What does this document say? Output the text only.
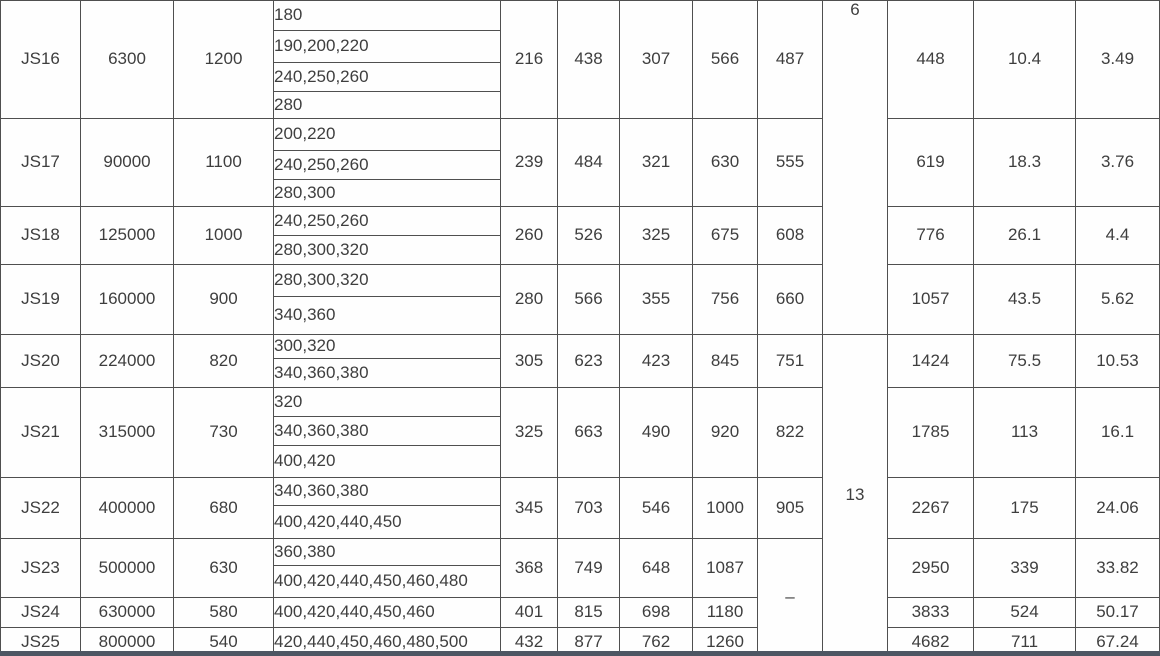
JS16	6300	1200	180	216	438	307	566	487	6	448	10.4	3.49
			190,200,220									
			240,250,260									
			280									
JS17	90000	1100	200,220	239	484	321	630	555		619	18.3	3.76
			240,250,260									
			280,300									
JS18	125000	1000	240,250,260	260	526	325	675	608		776	26.1	4.4
			280,300,320									
JS19	160000	900	280,300,320	280	566	355	756	660		1057	43.5	5.62
			340,360									
JS20	224000	820	300,320	305	623	423	845	751	13	1424	75.5	10.53
			340,360,380									
JS21	315000	730	320	325	663	490	920	822		1785	113	16.1
			340,360,380									
			400,420									
JS22	400000	680	340,360,380	345	703	546	1000	905		2267	175	24.06
			400,420,440,450									
JS23	500000	630	360,380	368	749	648	1087	–		2950	339	33.82
			400,420,440,450,460,480									
JS24	630000	580	400,420,440,450,460	401	815	698	1180			3833	524	50.17
JS25	800000	540	420,440,450,460,480,500	432	877	762	1260			4682	711	67.24
